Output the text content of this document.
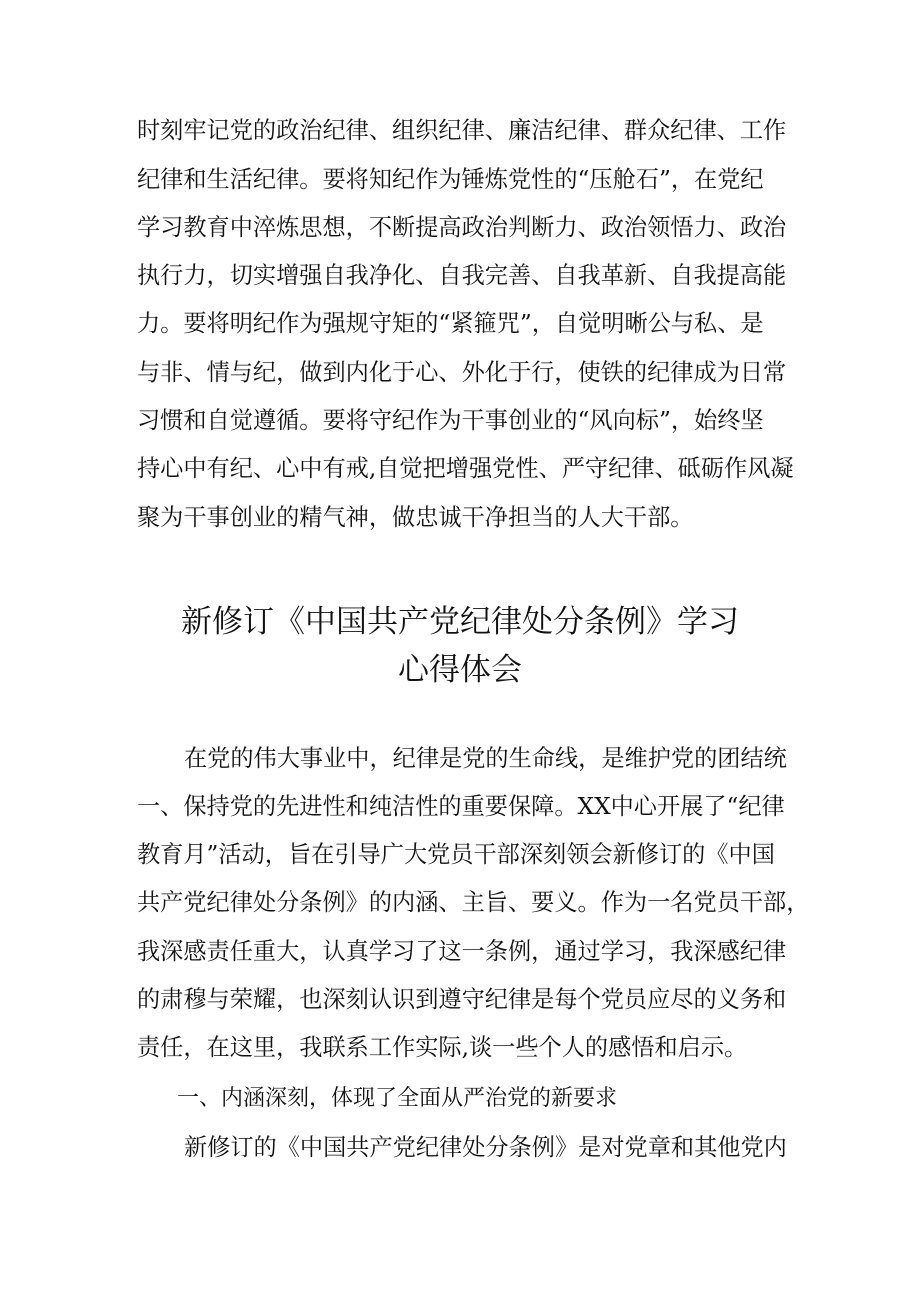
时刻牢记党的政治纪律、组织纪律、廉洁纪律、群众纪律、工作
纪律和生活纪律。要将知纪作为锤炼党性的“压舱石”，在党纪
学习教育中淬炼思想，不断提高政治判断力、政治领悟力、政治
执行力，切实增强自我净化、自我完善、自我革新、自我提高能
力。要将明纪作为强规守矩的“紧箍咒”，自觉明晰公与私、是
与非、情与纪，做到内化于心、外化于行，使铁的纪律成为日常
习惯和自觉遵循。要将守纪作为干事创业的“风向标”，始终坚
持心中有纪、心中有戒,自觉把增强党性、严守纪律、砥砺作风凝
聚为干事创业的精气神，做忠诚干净担当的人大干部。
新修订《中国共产党纪律处分条例》学习
心得体会
在党的伟大事业中，纪律是党的生命线，是维护党的团结统
一、保持党的先进性和纯洁性的重要保障。XX中心开展了“纪律
教育月”活动，旨在引导广大党员干部深刻领会新修订的《中国
共产党纪律处分条例》的内涵、主旨、要义。作为一名党员干部，
我深感责任重大，认真学习了这一条例，通过学习，我深感纪律
的肃穆与荣耀，也深刻认识到遵守纪律是每个党员应尽的义务和
责任，在这里，我联系工作实际,谈一些个人的感悟和启示。
一、内涵深刻，体现了全面从严治党的新要求
新修订的《中国共产党纪律处分条例》是对党章和其他党内
